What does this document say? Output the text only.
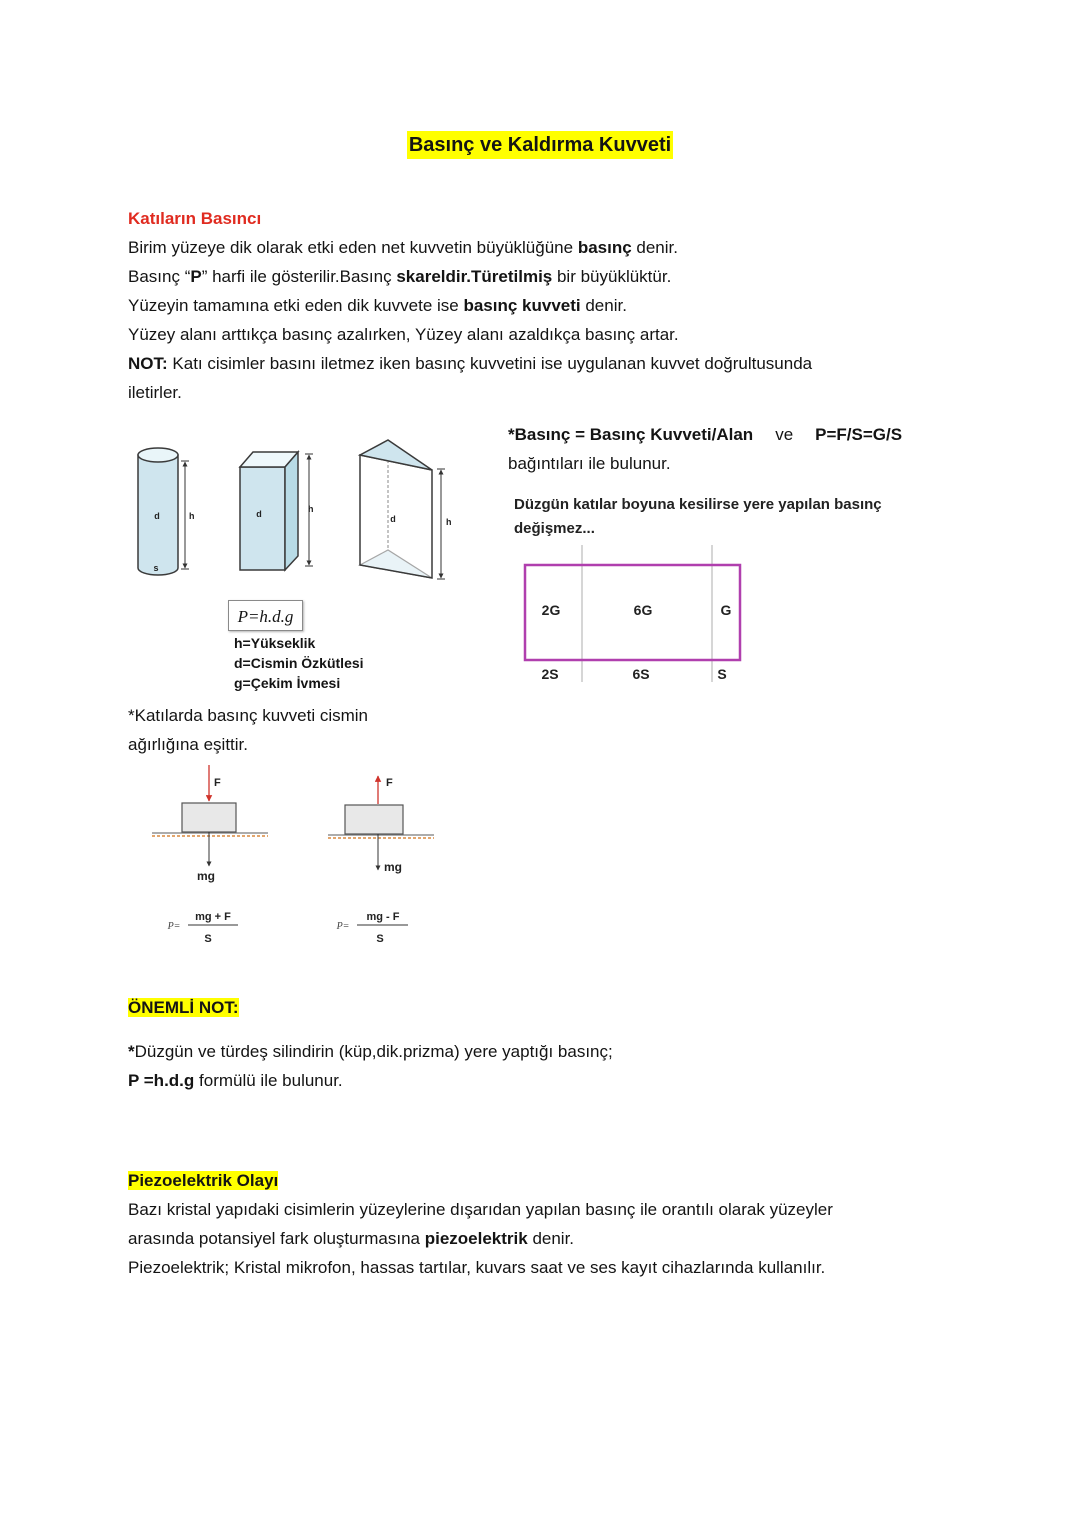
Basınç ve Kaldırma Kuvveti
Katıların Basıncı
Birim yüzeye dik olarak etki eden net kuvvetin büyüklüğüne basınç denir.
Basınç “P” harfi ile gösterilir.Basınç skareldir.Türetilmiş bir büyüklüktür.
Yüzeyin tamamına etki eden dik kuvvete ise basınç kuvveti denir.
Yüzey alanı arttıkça basınç azalırken, Yüzey alanı azaldıkça basınç artar.
NOT: Katı cisimler basını iletmez iken basınç kuvvetini ise uygulanan kuvvet doğrultusunda
iletirler.
d
s
h	d	h
d	h
P=h.d.g
h=Yükseklik
d=Cismin Özkütlesi
g=Çekim İvmesi
*Katılarda basınç kuvveti cismin
ağırlığına eşittir.
F
mg
P=
mg + F
S
F
mg
P=
mg - F
S
*Basınç = Basınç Kuvveti/Alan ve P=F/S=G/S
bağıntıları ile bulunur.
Düzgün katılar boyuna kesilirse yere yapılan basınç
değişmez...
2G	6G	G
2S	6S	S
ÖNEMLİ NOT:
*Düzgün ve türdeş silindirin (küp,dik.prizma) yere yaptığı basınç;
P =h.d.g formülü ile bulunur.
Piezoelektrik Olayı
Bazı kristal yapıdaki cisimlerin yüzeylerine dışarıdan yapılan basınç ile orantılı olarak yüzeyler
arasında potansiyel fark oluşturmasına piezoelektrik denir.
Piezoelektrik; Kristal mikrofon, hassas tartılar, kuvars saat ve ses kayıt cihazlarında kullanılır.
